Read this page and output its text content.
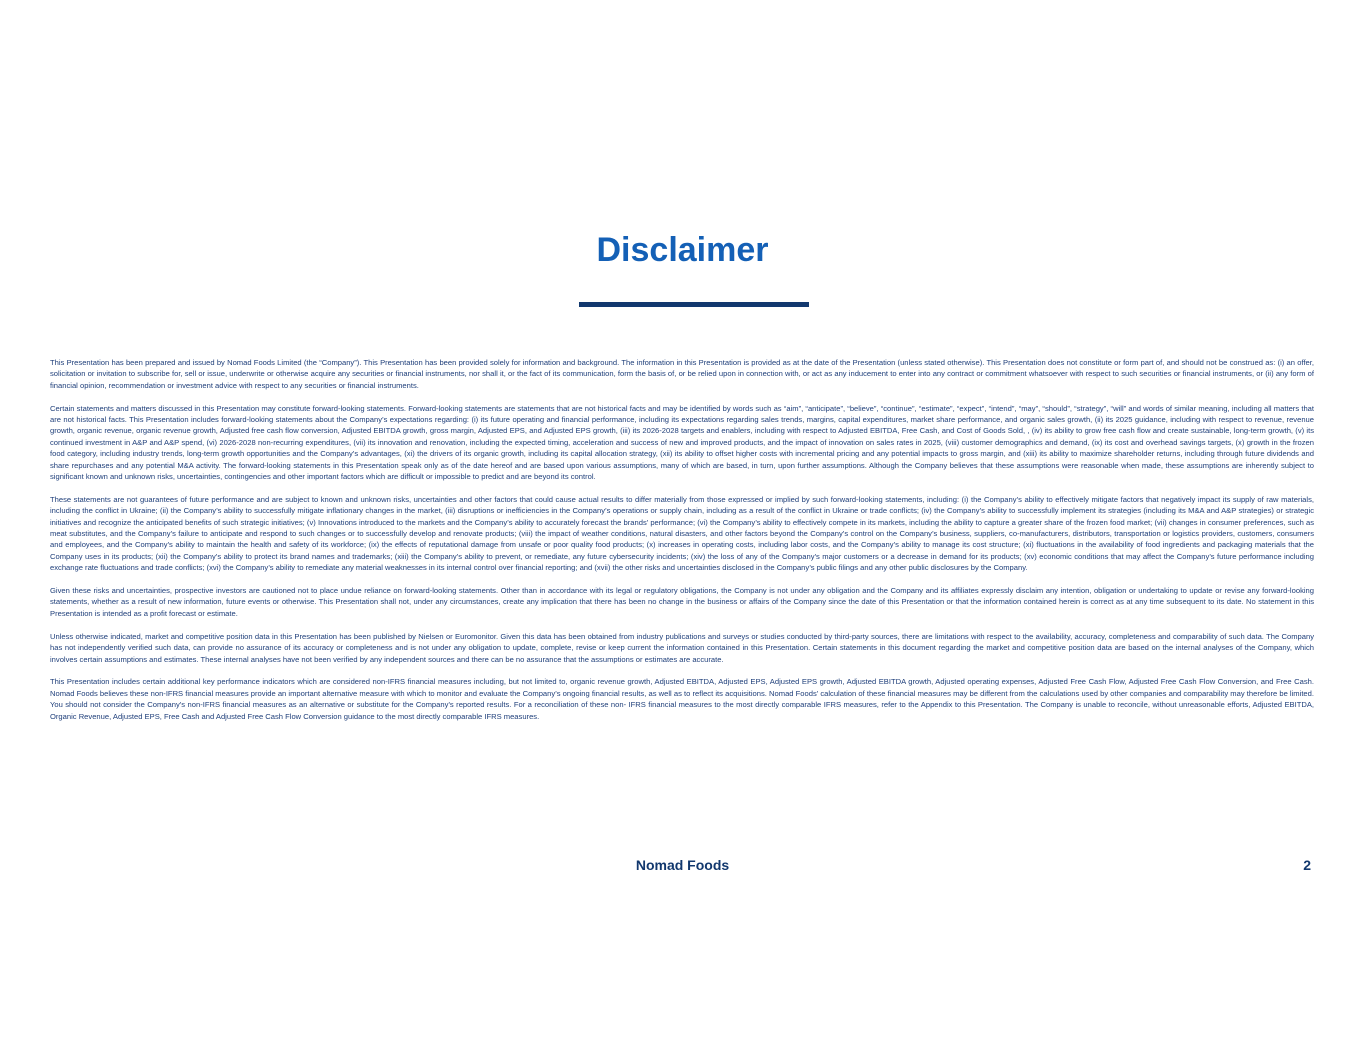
Disclaimer

This Presentation has been prepared and issued by Nomad Foods Limited (the “Company”). This Presentation has been provided solely for information and background. The information in this Presentation is provided as at the date of the Presentation (unless stated otherwise). This Presentation does not constitute or form part of, and should not be construed as: (i) an offer, solicitation or invitation to subscribe for, sell or issue, underwrite or otherwise acquire any securities or financial instruments, nor shall it, or the fact of its communication, form the basis of, or be relied upon in connection with, or act as any inducement to enter into any contract or commitment whatsoever with respect to such securities or financial instruments, or (ii) any form of financial opinion, recommendation or investment advice with respect to any securities or financial instruments.

Certain statements and matters discussed in this Presentation may constitute forward-looking statements. Forward-looking statements are statements that are not historical facts and may be identified by words such as “aim”, “anticipate”, “believe”, “continue”, “estimate”, “expect”, “intend”, “may”, “should”, “strategy”, “will” and words of similar meaning, including all matters that are not historical facts. This Presentation includes forward-looking statements about the Company’s expectations regarding: (i) its future operating and financial performance, including its expectations regarding sales trends, margins, capital expenditures, market share performance, and organic sales growth, (ii) its 2025 guidance, including with respect to revenue, revenue growth, organic revenue, organic revenue growth, Adjusted free cash flow conversion, Adjusted EBITDA growth, gross margin, Adjusted EPS, and Adjusted EPS growth, (iii) its 2026-2028 targets and enablers, including with respect to Adjusted EBITDA, Free Cash, and Cost of Goods Sold, , (iv) its ability to grow free cash flow and create sustainable, long-term growth, (v) its continued investment in A&P and A&P spend, (vi) 2026-2028 non-recurring expenditures, (vii) its innovation and renovation, including the expected timing, acceleration and success of new and improved products, and the impact of innovation on sales rates in 2025, (viii) customer demographics and demand, (ix) its cost and overhead savings targets, (x) growth in the frozen food category, including industry trends, long-term growth opportunities and the Company’s advantages, (xi) the drivers of its organic growth, including its capital allocation strategy, (xii) its ability to offset higher costs with incremental pricing and any potential impacts to gross margin, and (xiii) its ability to maximize shareholder returns, including through future dividends and share repurchases and any potential M&A activity. The forward-looking statements in this Presentation speak only as of the date hereof and are based upon various assumptions, many of which are based, in turn, upon further assumptions. Although the Company believes that these assumptions were reasonable when made, these assumptions are inherently subject to significant known and unknown risks, uncertainties, contingencies and other important factors which are difficult or impossible to predict and are beyond its control.

These statements are not guarantees of future performance and are subject to known and unknown risks, uncertainties and other factors that could cause actual results to differ materially from those expressed or implied by such forward-looking statements, including: (i) the Company’s ability to effectively mitigate factors that negatively impact its supply of raw materials, including the conflict in Ukraine; (ii) the Company’s ability to successfully mitigate inflationary changes in the market, (iii) disruptions or inefficiencies in the Company’s operations or supply chain, including as a result of the conflict in Ukraine or trade conflicts; (iv) the Company’s ability to successfully implement its strategies (including its M&A and A&P strategies) or strategic initiatives and recognize the anticipated benefits of such strategic initiatives; (v) Innovations introduced to the markets and the Company’s ability to accurately forecast the brands’ performance; (vi) the Company’s ability to effectively compete in its markets, including the ability to capture a greater share of the frozen food market; (vii) changes in consumer preferences, such as meat substitutes, and the Company’s failure to anticipate and respond to such changes or to successfully develop and renovate products; (viii) the impact of weather conditions, natural disasters, and other factors beyond the Company’s control on the Company’s business, suppliers, co-manufacturers, distributors, transportation or logistics providers, customers, consumers and employees, and the Company’s ability to maintain the health and safety of its workforce; (ix) the effects of reputational damage from unsafe or poor quality food products; (x) increases in operating costs, including labor costs, and the Company’s ability to manage its cost structure; (xi) fluctuations in the availability of food ingredients and packaging materials that the Company uses in its products; (xii) the Company’s ability to protect its brand names and trademarks; (xiii) the Company’s ability to prevent, or remediate, any future cybersecurity incidents; (xiv) the loss of any of the Company’s major customers or a decrease in demand for its products; (xv) economic conditions that may affect the Company’s future performance including exchange rate fluctuations and trade conflicts; (xvi) the Company’s ability to remediate any material weaknesses in its internal control over financial reporting; and (xvii) the other risks and uncertainties disclosed in the Company’s public filings and any other public disclosures by the Company.

Given these risks and uncertainties, prospective investors are cautioned not to place undue reliance on forward-looking statements. Other than in accordance with its legal or regulatory obligations, the Company is not under any obligation and the Company and its affiliates expressly disclaim any intention, obligation or undertaking to update or revise any forward-looking statements, whether as a result of new information, future events or otherwise. This Presentation shall not, under any circumstances, create any implication that there has been no change in the business or affairs of the Company since the date of this Presentation or that the information contained herein is correct as at any time subsequent to its date. No statement in this Presentation is intended as a profit forecast or estimate.

Unless otherwise indicated, market and competitive position data in this Presentation has been published by Nielsen or Euromonitor. Given this data has been obtained from industry publications and surveys or studies conducted by third-party sources, there are limitations with respect to the availability, accuracy, completeness and comparability of such data. The Company has not independently verified such data, can provide no assurance of its accuracy or completeness and is not under any obligation to update, complete, revise or keep current the information contained in this Presentation. Certain statements in this document regarding the market and competitive position data are based on the internal analyses of the Company, which involves certain assumptions and estimates. These internal analyses have not been verified by any independent sources and there can be no assurance that the assumptions or estimates are accurate.

This Presentation includes certain additional key performance indicators which are considered non-IFRS financial measures including, but not limited to, organic revenue growth, Adjusted EBITDA, Adjusted EPS, Adjusted EPS growth, Adjusted EBITDA growth, Adjusted operating expenses, Adjusted Free Cash Flow, Adjusted Free Cash Flow Conversion, and Free Cash. Nomad Foods believes these non-IFRS financial measures provide an important alternative measure with which to monitor and evaluate the Company’s ongoing financial results, as well as to reflect its acquisitions. Nomad Foods’ calculation of these financial measures may be different from the calculations used by other companies and comparability may therefore be limited. You should not consider the Company’s non-IFRS financial measures as an alternative or substitute for the Company’s reported results. For a reconciliation of these non- IFRS financial measures to the most directly comparable IFRS measures, refer to the Appendix to this Presentation. The Company is unable to reconcile, without unreasonable efforts, Adjusted EBITDA, Organic Revenue, Adjusted EPS, Free Cash and Adjusted Free Cash Flow Conversion guidance to the most directly comparable IFRS measures.

Nomad Foods	2
